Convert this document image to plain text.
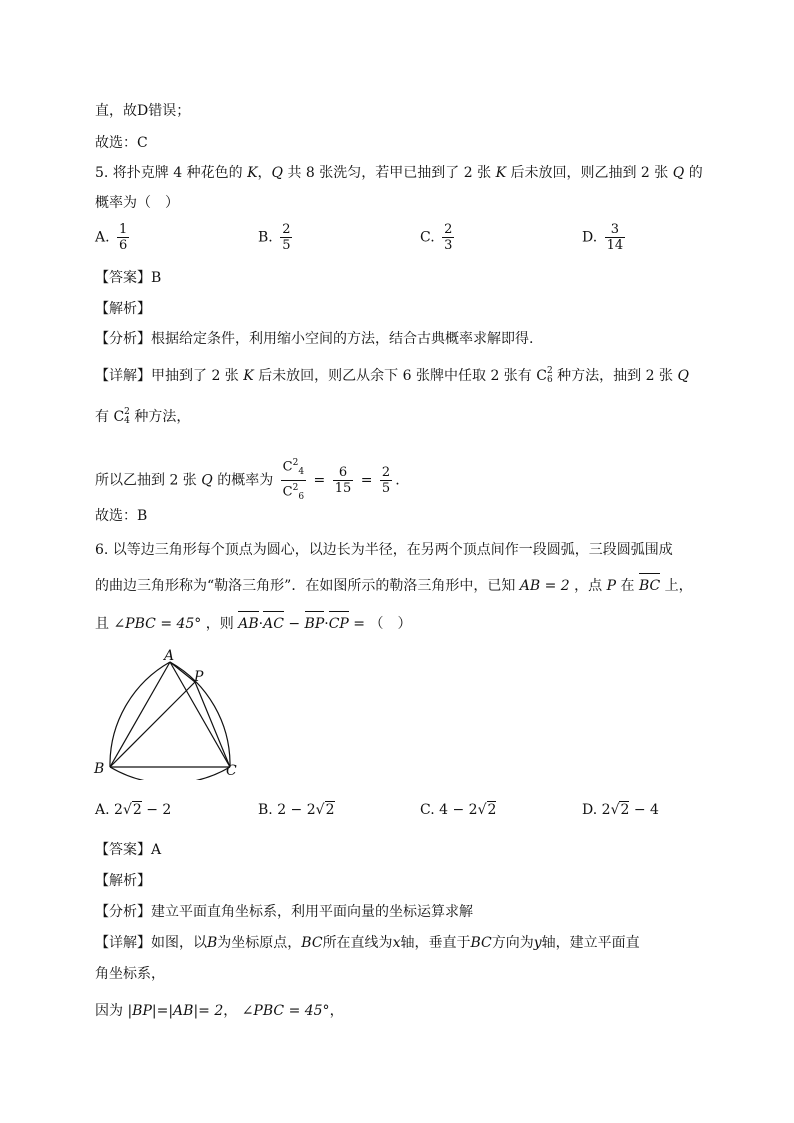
直，故D错误；
故选：C
5. 将扑克牌 4 种花色的 K，Q 共 8 张洗匀，若甲已抽到了 2 张 K 后未放回，则乙抽到 2 张 Q 的
概率为（　）
A. $\frac{1}{6}$	B. $\frac{2}{5}$	C. $\frac{2}{3}$	D. $\frac{3}{14}$
【答案】B
【解析】
【分析】根据给定条件，利用缩小空间的方法，结合古典概率求解即得.
【详解】甲抽到了 2 张 K 后未放回，则乙从余下 6 张牌中任取 2 张有 C 2
6 种方法，抽到 2 张 Q
有 C 2
4 种方法，
所以乙抽到 2 张 Q 的概率为 $\frac{C^2_4}{C^2_6} = \frac{6}{15} = \frac{2}{5}$ .
故选：B
6. 以等边三角形每个顶点为圆心，以边长为半径，在另两个顶点间作一段圆弧，三段圆弧围成
的曲边三角形称为“勒洛三角形”．在如图所示的勒洛三角形中，已知 AB = 2 ，点 P 在 BC 上，
且 ∠PBC = 45° ，则 AB·AC − BP·CP = （　）
A
P
B	C
A. 2√2 − 2	B. 2 − 2√2	C. 4 − 2√2	D. 2√2 − 4
【答案】A
【解析】
【分析】建立平面直角坐标系，利用平面向量的坐标运算求解
【详解】如图，以B为坐标原点，BC所在直线为x轴，垂直于BC方向为y轴，建立平面直
角坐标系，
因为 |BP|=|AB|= 2， ∠PBC = 45°，
